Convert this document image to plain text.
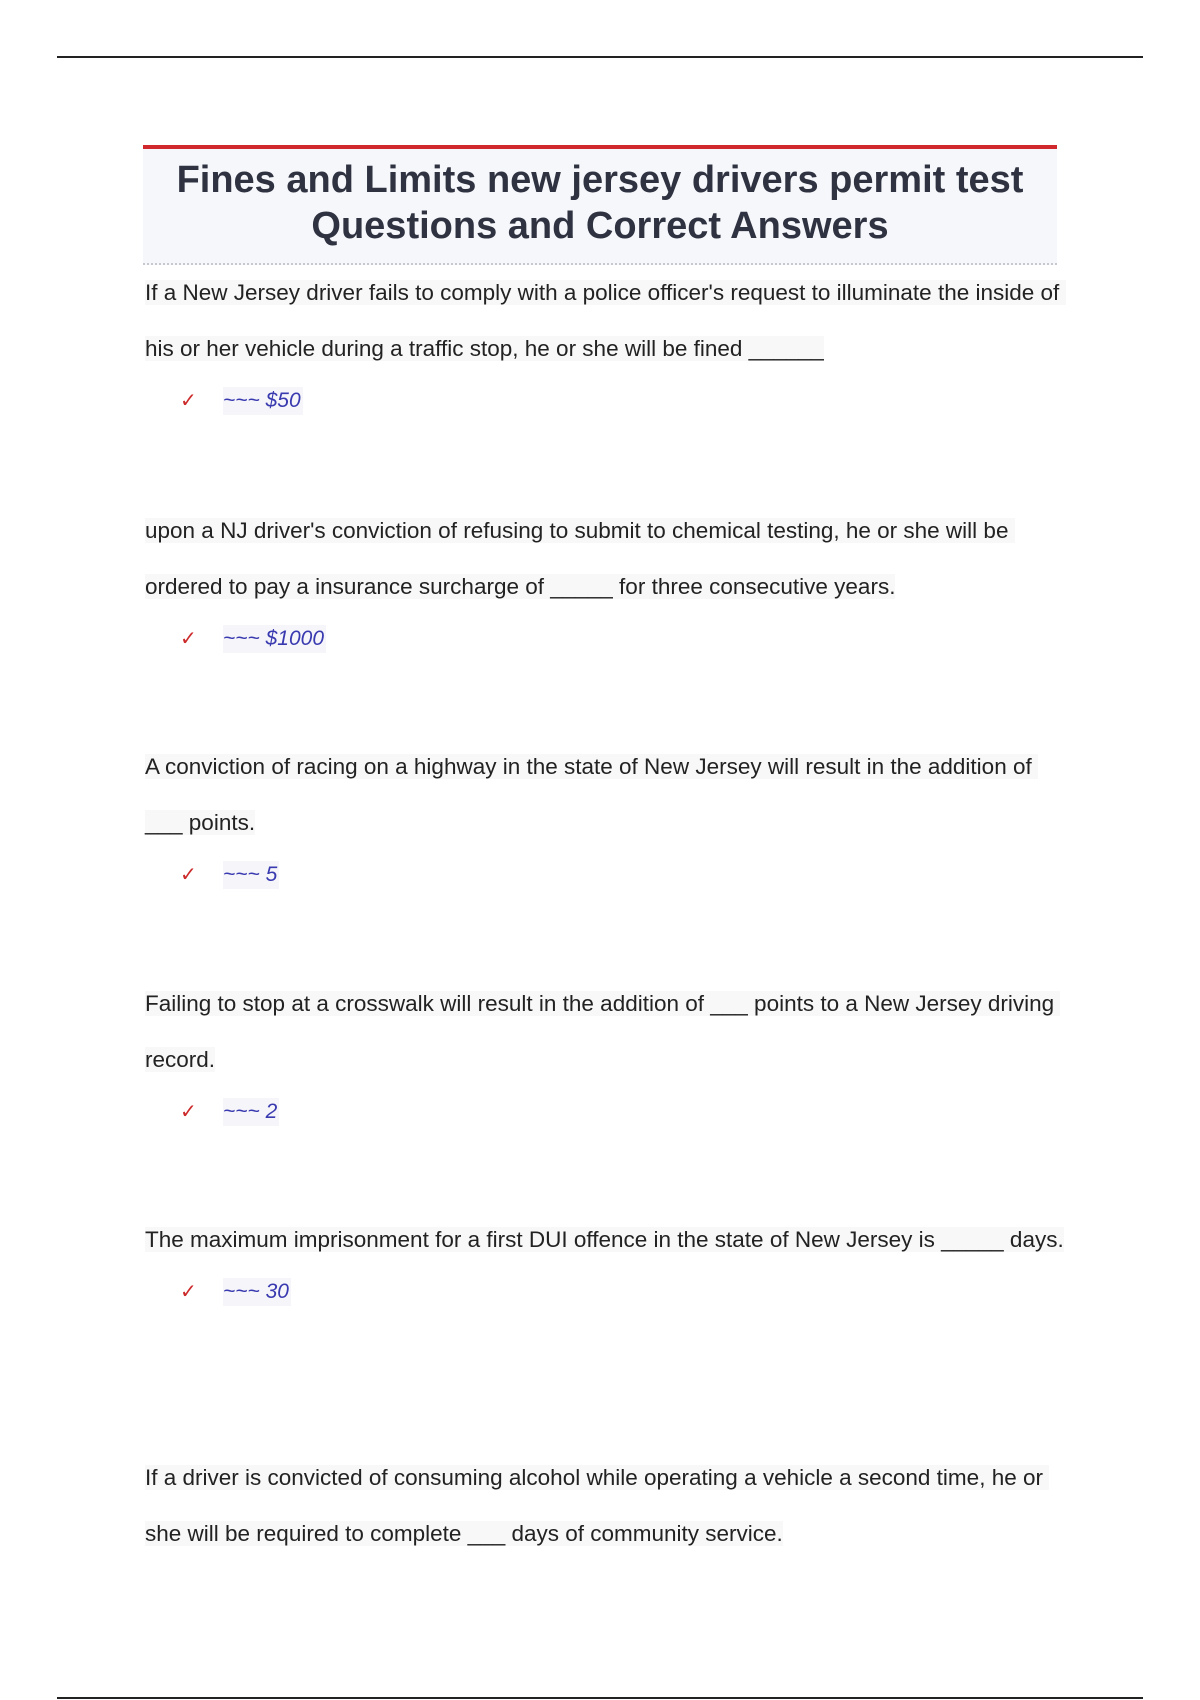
Fines and Limits new jersey drivers permit test
Questions and Correct Answers

If a New Jersey driver fails to comply with a police officer's request to illuminate the inside of his or her vehicle during a traffic stop, he or she will be fined ______

✓ ~~~ $50

upon a NJ driver's conviction of refusing to submit to chemical testing, he or she will be ordered to pay a insurance surcharge of _____ for three consecutive years.

✓ ~~~ $1000

A conviction of racing on a highway in the state of New Jersey will result in the addition of ___ points.

✓ ~~~ 5

Failing to stop at a crosswalk will result in the addition of ___ points to a New Jersey driving record.

✓ ~~~ 2

The maximum imprisonment for a first DUI offence in the state of New Jersey is _____ days.

✓ ~~~ 30

If a driver is convicted of consuming alcohol while operating a vehicle a second time, he or she will be required to complete ___ days of community service.
